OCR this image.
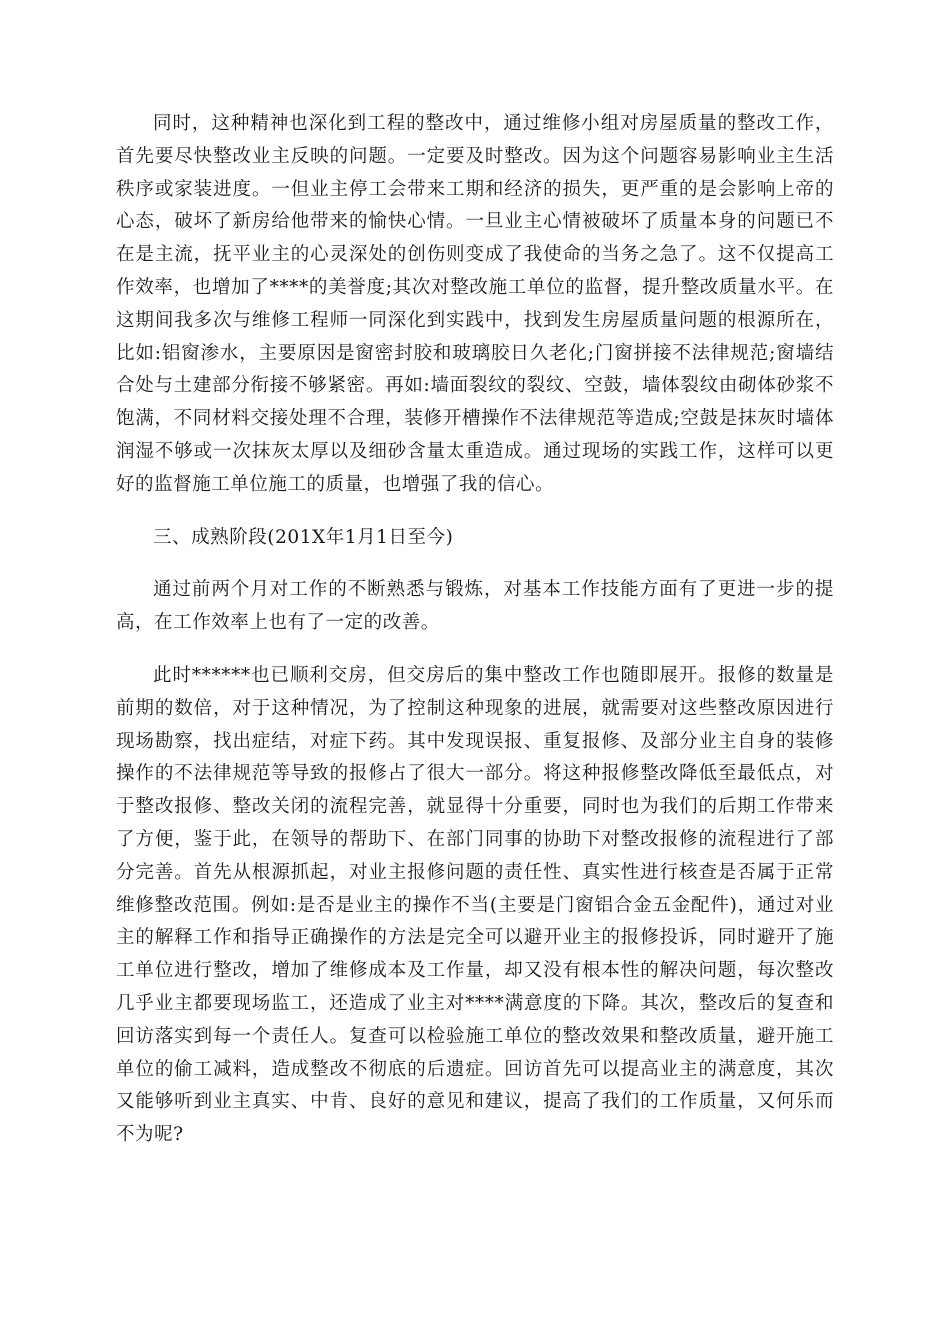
同时，这种精神也深化到工程的整改中，通过维修小组对房屋质量的整改工作，首先要尽快整改业主反映的问题。一定要及时整改。因为这个问题容易影响业主生活秩序或家装进度。一但业主停工会带来工期和经济的损失，更严重的是会影响上帝的心态，破坏了新房给他带来的愉快心情。一旦业主心情被破坏了质量本身的问题已不在是主流，抚平业主的心灵深处的创伤则变成了我使命的当务之急了。这不仅提高工作效率，也增加了****的美誉度;其次对整改施工单位的监督，提升整改质量水平。在这期间我多次与维修工程师一同深化到实践中，找到发生房屋质量问题的根源所在，比如:铝窗渗水，主要原因是窗密封胶和玻璃胶日久老化;门窗拼接不法律规范;窗墙结合处与土建部分衔接不够紧密。再如:墙面裂纹的裂纹、空鼓，墙体裂纹由砌体砂浆不饱满，不同材料交接处理不合理，装修开槽操作不法律规范等造成;空鼓是抹灰时墙体润湿不够或一次抹灰太厚以及细砂含量太重造成。通过现场的实践工作，这样可以更好的监督施工单位施工的质量，也增强了我的信心。

三、成熟阶段(201X年1月1日至今)

通过前两个月对工作的不断熟悉与锻炼，对基本工作技能方面有了更进一步的提高，在工作效率上也有了一定的改善。

此时******也已顺利交房，但交房后的集中整改工作也随即展开。报修的数量是前期的数倍，对于这种情况，为了控制这种现象的进展，就需要对这些整改原因进行现场勘察，找出症结，对症下药。其中发现误报、重复报修、及部分业主自身的装修操作的不法律规范等导致的报修占了很大一部分。将这种报修整改降低至最低点，对于整改报修、整改关闭的流程完善，就显得十分重要，同时也为我们的后期工作带来了方便，鉴于此，在领导的帮助下、在部门同事的协助下对整改报修的流程进行了部分完善。首先从根源抓起，对业主报修问题的责任性、真实性进行核查是否属于正常维修整改范围。例如:是否是业主的操作不当(主要是门窗铝合金五金配件)，通过对业主的解释工作和指导正确操作的方法是完全可以避开业主的报修投诉，同时避开了施工单位进行整改，增加了维修成本及工作量，却又没有根本性的解决问题，每次整改几乎业主都要现场监工，还造成了业主对****满意度的下降。其次，整改后的复查和回访落实到每一个责任人。复查可以检验施工单位的整改效果和整改质量，避开施工单位的偷工减料，造成整改不彻底的后遗症。回访首先可以提高业主的满意度，其次又能够听到业主真实、中肯、良好的意见和建议，提高了我们的工作质量，又何乐而不为呢?
